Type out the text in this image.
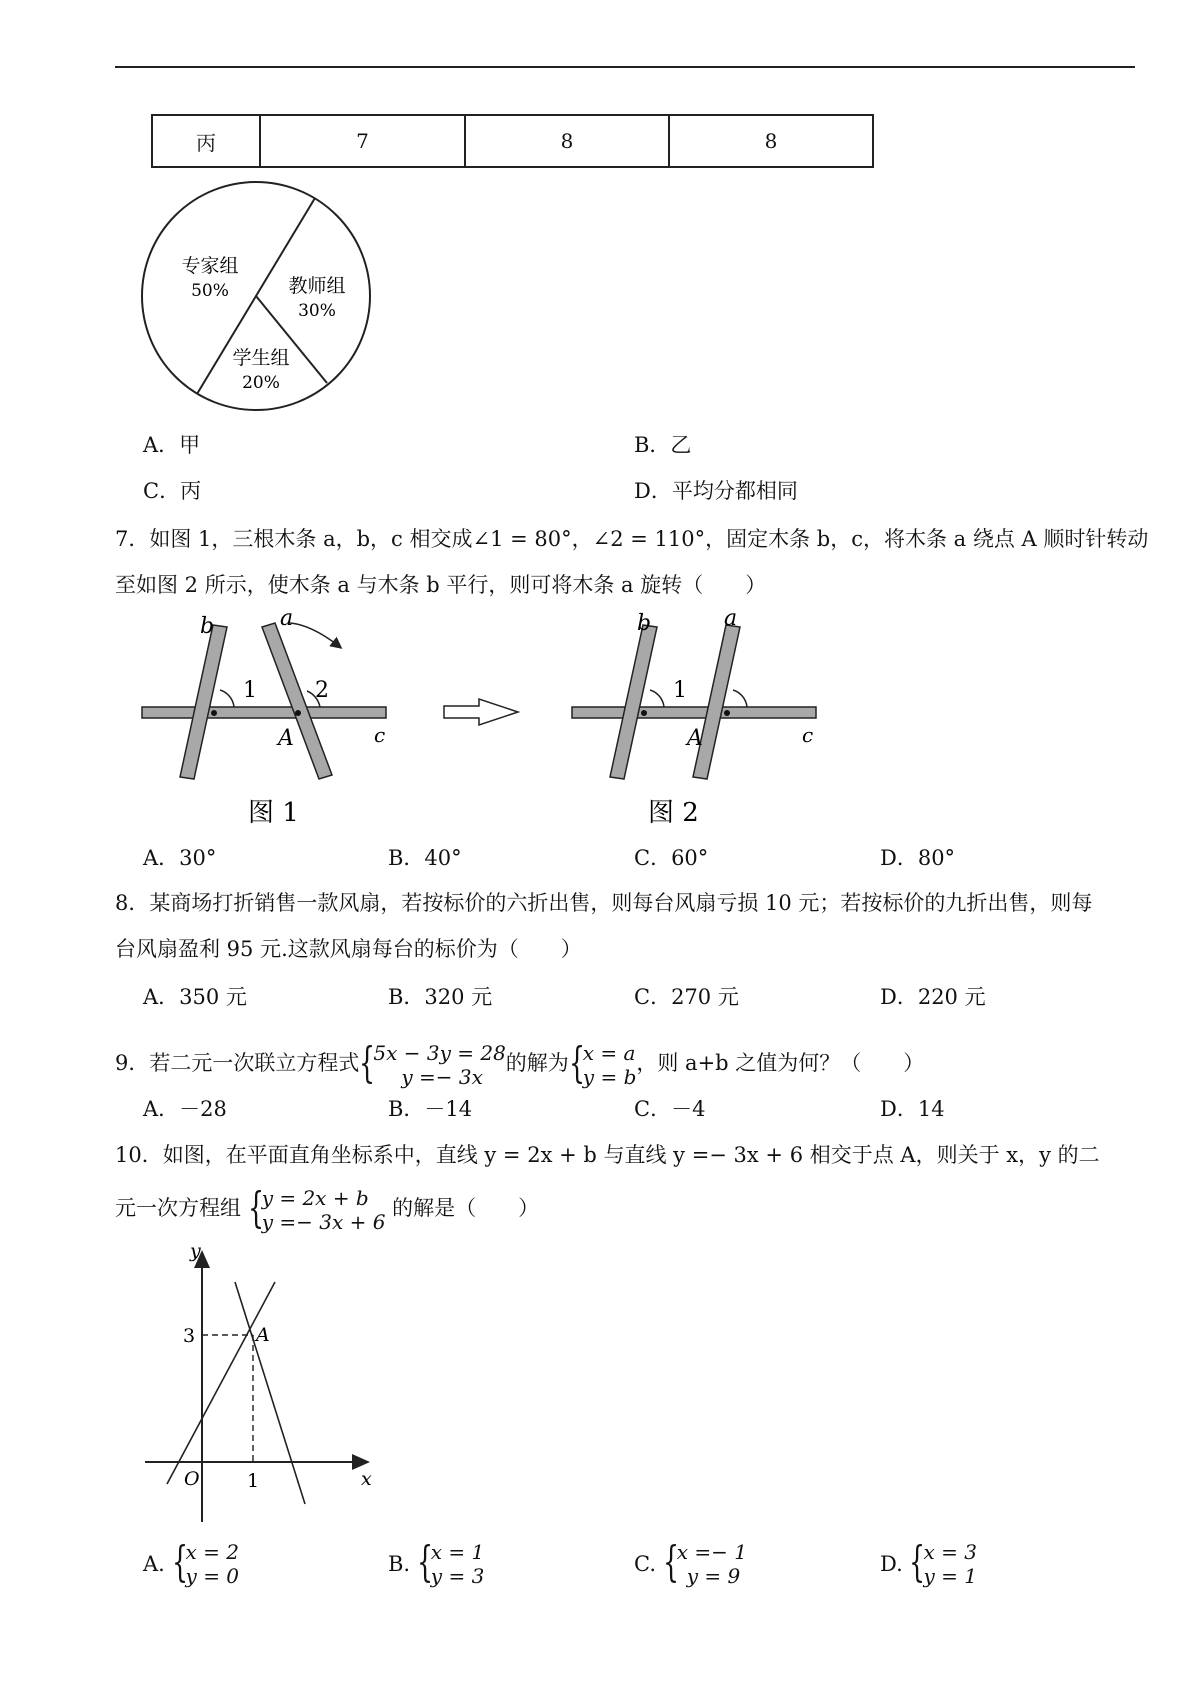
丙	7	8	8
专家组
50%	教师组
30%
学生组
20%
A．甲	B．乙
C．丙	D．平均分都相同
7．如图 1，三根木条 a，b，c 相交成∠1 = 80°，∠2 = 110°，固定木条 b，c，将木条 a 绕点 A 顺时针转动
至如图 2 所示，使木条 a 与木条 b 平行，则可将木条 a 旋转（　　）
b	a
1	2
A	c
图 1
b	a
1
A	c
图 2
A．30°	B．40°	C．60°	D．80°
8．某商场打折销售一款风扇，若按标价的六折出售，则每台风扇亏损 10 元；若按标价的九折出售，则每
台风扇盈利 95 元.这款风扇每台的标价为（　　）
A．350 元	B．320 元	C．270 元	D．220 元
9．若二元一次联立方程式 {
5x − 3y = 28
y =− 3x
的解为 {
x = a
y = b
，则 a+b 之值为何？（　　）
A．－28	B．－14	C．－4	D．14
10．如图，在平面直角坐标系中，直线 y = 2x + b 与直线 y =− 3x + 6 相交于点 A，则关于 x，y 的二
元一次方程组 {
y = 2x + b
y =− 3x + 6
的解是（　　）
y
x
O 1
3	A
A. {
x = 2
y = 0	B. {
x = 1
y = 3	C. {
x =− 1
y = 9	D. {
x = 3
y = 1
